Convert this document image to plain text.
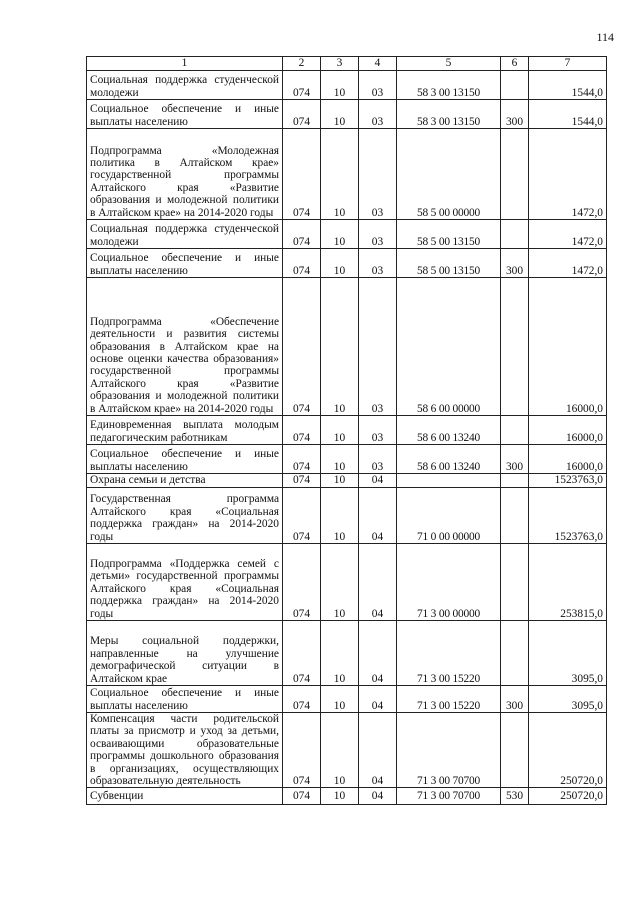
114
1	2	3	4	5	6	7
Социальная поддержка студенческой молодежи	074	10	03	58 3 00 13150		1544,0
Социальное обеспечение и иные выплаты населению	074	10	03	58 3 00 13150	300	1544,0
Подпрограмма «Молодежная политика в Алтайском крае» государственной программы Алтайского края «Развитие образования и молодежной политики в Алтайском крае» на 2014-2020 годы	074	10	03	58 5 00 00000		1472,0
Социальная поддержка студенческой молодежи	074	10	03	58 5 00 13150		1472,0
Социальное обеспечение и иные выплаты населению	074	10	03	58 5 00 13150	300	1472,0
Подпрограмма «Обеспечение деятельности и развития системы образования в Алтайском крае на основе оценки качества образования» государственной программы Алтайского края «Развитие образования и молодежной политики в Алтайском крае» на 2014-2020 годы	074	10	03	58 6 00 00000		16000,0
Единовременная выплата молодым педагогическим работникам	074	10	03	58 6 00 13240		16000,0
Социальное обеспечение и иные выплаты населению	074	10	03	58 6 00 13240	300	16000,0
Охрана семьи и детства	074	10	04			1523763,0
Государственная программа Алтайского края «Социальная поддержка граждан» на 2014-2020 годы	074	10	04	71 0 00 00000		1523763,0
Подпрограмма «Поддержка семей с детьми» государственной программы Алтайского края «Социальная поддержка граждан» на 2014-2020 годы	074	10	04	71 3 00 00000		253815,0
Меры социальной поддержки, направленные на улучшение демографической ситуации в Алтайском крае	074	10	04	71 3 00 15220		3095,0
Социальное обеспечение и иные выплаты населению	074	10	04	71 3 00 15220	300	3095,0
Компенсация части родительской платы за присмотр и уход за детьми, осваивающими образовательные программы дошкольного образования в организациях, осуществляющих образовательную деятельность	074	10	04	71 3 00 70700		250720,0
Субвенции	074	10	04	71 3 00 70700	530	250720,0
